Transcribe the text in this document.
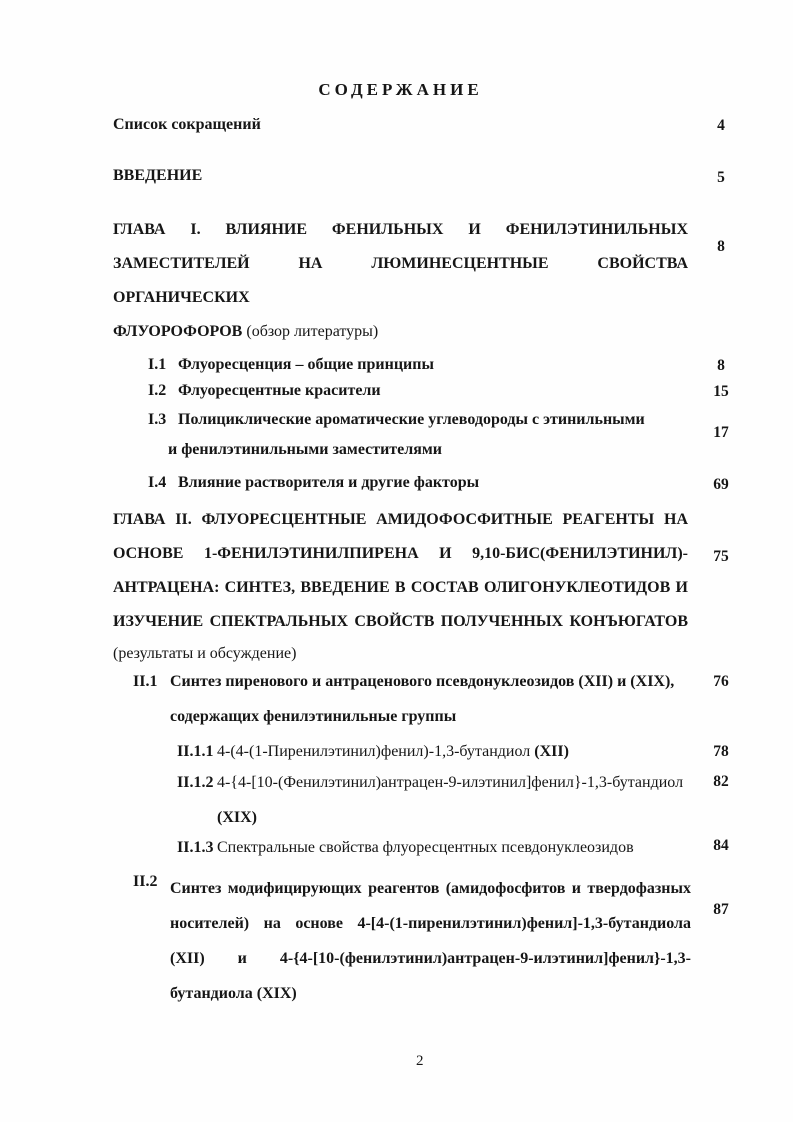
СОДЕРЖАНИЕ
Список сокращений
ВВЕДЕНИЕ
ГЛАВА I. ВЛИЯНИЕ ФЕНИЛЬНЫХ И ФЕНИЛЭТИНИЛЬНЫХ
ЗАМЕСТИТЕЛЕЙ НА ЛЮМИНЕСЦЕНТНЫЕ СВОЙСТВА ОРГАНИЧЕСКИХ
ФЛУОРОФОРОВ (обзор литературы)
I.1 Флуоресценция – общие принципы
I.2 Флуоресцентные красители
I.3 Полициклические ароматические углеводороды с этинильными
и фенилэтинильными заместителями
I.4 Влияние растворителя и другие факторы
ГЛАВА II. ФЛУОРЕСЦЕНТНЫЕ АМИДОФОСФИТНЫЕ РЕАГЕНТЫ НА
ОСНОВЕ 1-ФЕНИЛЭТИНИЛПИРЕНА И 9,10-БИС(ФЕНИЛЭТИНИЛ)-
АНТРАЦЕНА: СИНТЕЗ, ВВЕДЕНИЕ В СОСТАВ ОЛИГОНУКЛЕОТИДОВ И
ИЗУЧЕНИЕ СПЕКТРАЛЬНЫХ СВОЙСТВ ПОЛУЧЕННЫХ КОНЪЮГАТОВ
(результаты и обсуждение)
II.1 Синтез пиренового и антраценового псевдонуклеозидов (XII) и (XIX),
содержащих фенилэтинильные группы
II.1.1 4-(4-(1-Пиренилэтинил)фенил)-1,3-бутандиол (XII)
II.1.2 4-{4-[10-(Фенилэтинил)антрацен-9-илэтинил]фенил}-1,3-бутандиол
(XIX)
II.1.3 Спектральные свойства флуоресцентных псевдонуклеозидов
II.2 Синтез модифицирующих реагентов (амидофосфитов и твердофазных
носителей) на основе 4-[4-(1-пиренилэтинил)фенил]-1,3-бутандиола
(XII) и 4-{4-[10-(фенилэтинил)антрацен-9-илэтинил]фенил}-1,3-
бутандиола (XIX)
4
5
8
8
15
17
69
75
76
78
82
84
87
2
